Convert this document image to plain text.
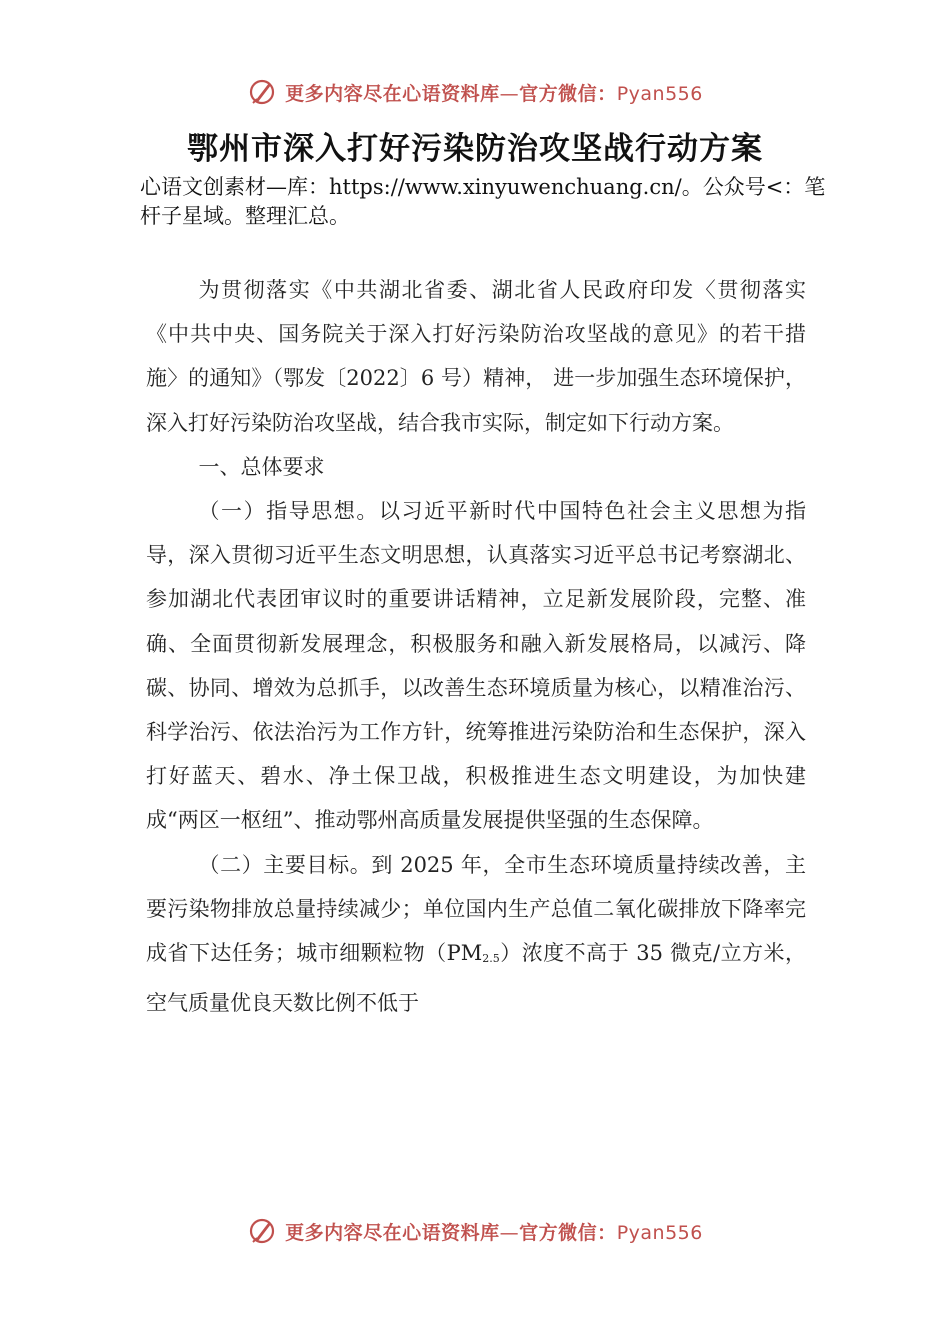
更多内容尽在心语资料库—官方微信：Pyan556
鄂州市深入打好污染防治攻坚战行动方案
心语文创素材—库：https://www.xinyuwenchuang.cn/。公众号<：笔杆子星域。整理汇总。

为贯彻落实《中共湖北省委、湖北省人民政府印发〈贯彻落实《中共中央、国务院关于深入打好污染防治攻坚战的意见》的若干措施〉的通知》（鄂发〔2022〕6 号）精神， 进一步加强生态环境保护，深入打好污染防治攻坚战，结合我市实际，制定如下行动方案。

一、总体要求

（一）指导思想。以习近平新时代中国特色社会主义思想为指导，深入贯彻习近平生态文明思想，认真落实习近平总书记考察湖北、参加湖北代表团审议时的重要讲话精神，立足新发展阶段，完整、准确、全面贯彻新发展理念，积极服务和融入新发展格局，以减污、降碳、协同、增效为总抓手，以改善生态环境质量为核心，以精准治污、科学治污、依法治污为工作方针，统筹推进污染防治和生态保护，深入打好蓝天、碧水、净土保卫战，积极推进生态文明建设，为加快建成“两区一枢纽”、推动鄂州高质量发展提供坚强的生态保障。

（二）主要目标。到 2025 年，全市生态环境质量持续改善，主要污染物排放总量持续减少；单位国内生产总值二氧化碳排放下降率完成省下达任务；城市细颗粒物$(PM_{2.5})$浓度不高于 35 微克/立方米，空气质量优良天数比例不低于

更多内容尽在心语资料库—官方微信：Pyan556
